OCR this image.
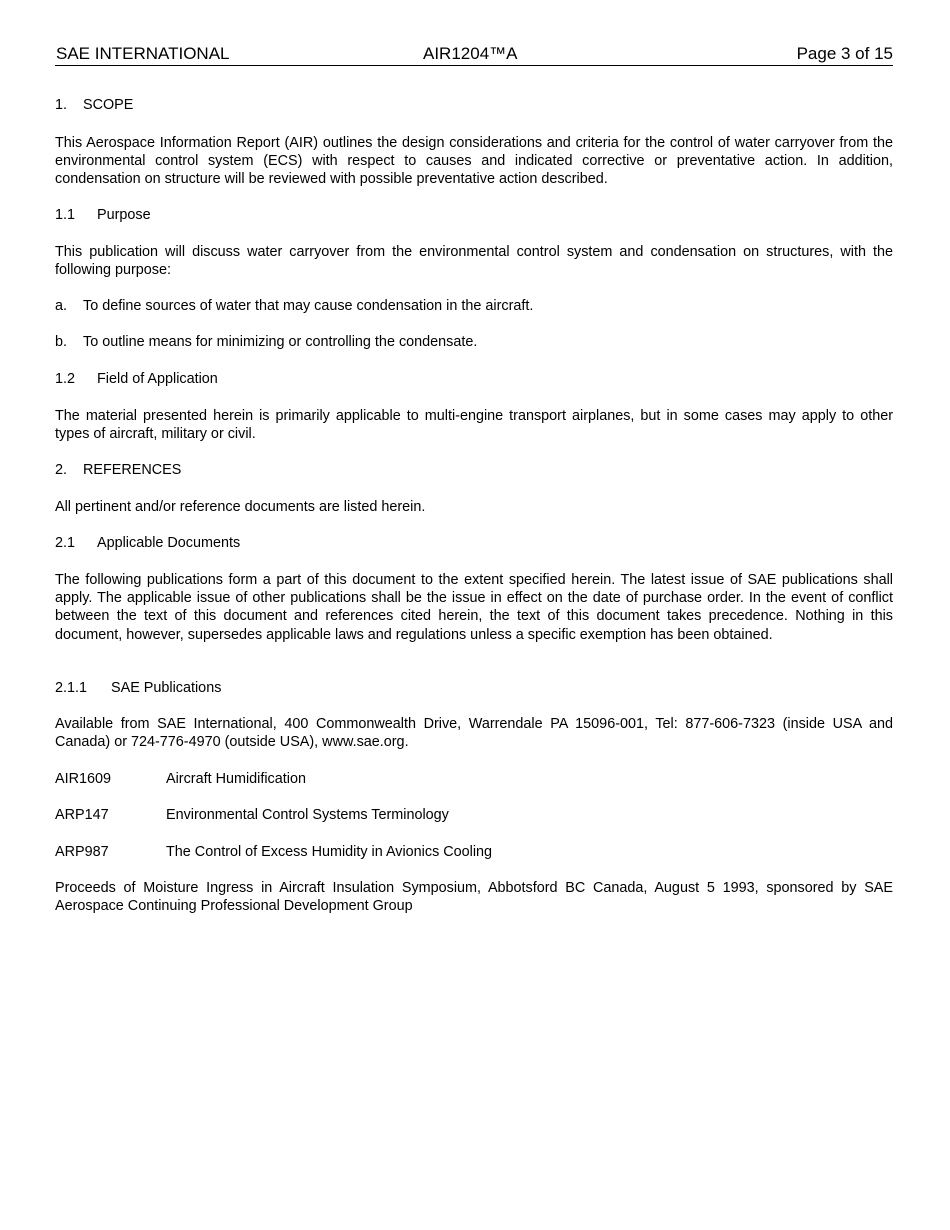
SAE INTERNATIONAL	AIR1204™A	Page 3 of 15
1. SCOPE
This Aerospace Information Report (AIR) outlines the design considerations and criteria for the control of water carryover from the environmental control system (ECS) with respect to causes and indicated corrective or preventative action. In addition, condensation on structure will be reviewed with possible preventative action described.
1.1 Purpose
This publication will discuss water carryover from the environmental control system and condensation on structures, with the following purpose:
a. To define sources of water that may cause condensation in the aircraft.
b. To outline means for minimizing or controlling the condensate.
1.2 Field of Application
The material presented herein is primarily applicable to multi-engine transport airplanes, but in some cases may apply to other types of aircraft, military or civil.
2. REFERENCES
All pertinent and/or reference documents are listed herein.
2.1 Applicable Documents
The following publications form a part of this document to the extent specified herein. The latest issue of SAE publications shall apply. The applicable issue of other publications shall be the issue in effect on the date of purchase order. In the event of conflict between the text of this document and references cited herein, the text of this document takes precedence. Nothing in this document, however, supersedes applicable laws and regulations unless a specific exemption has been obtained.
2.1.1 SAE Publications
Available from SAE International, 400 Commonwealth Drive, Warrendale PA 15096-001, Tel: 877-606-7323 (inside USA and Canada) or 724-776-4970 (outside USA), www.sae.org.
AIR1609	Aircraft Humidification
ARP147	Environmental Control Systems Terminology
ARP987	The Control of Excess Humidity in Avionics Cooling
Proceeds of Moisture Ingress in Aircraft Insulation Symposium, Abbotsford BC Canada, August 5 1993, sponsored by SAE Aerospace Continuing Professional Development Group
